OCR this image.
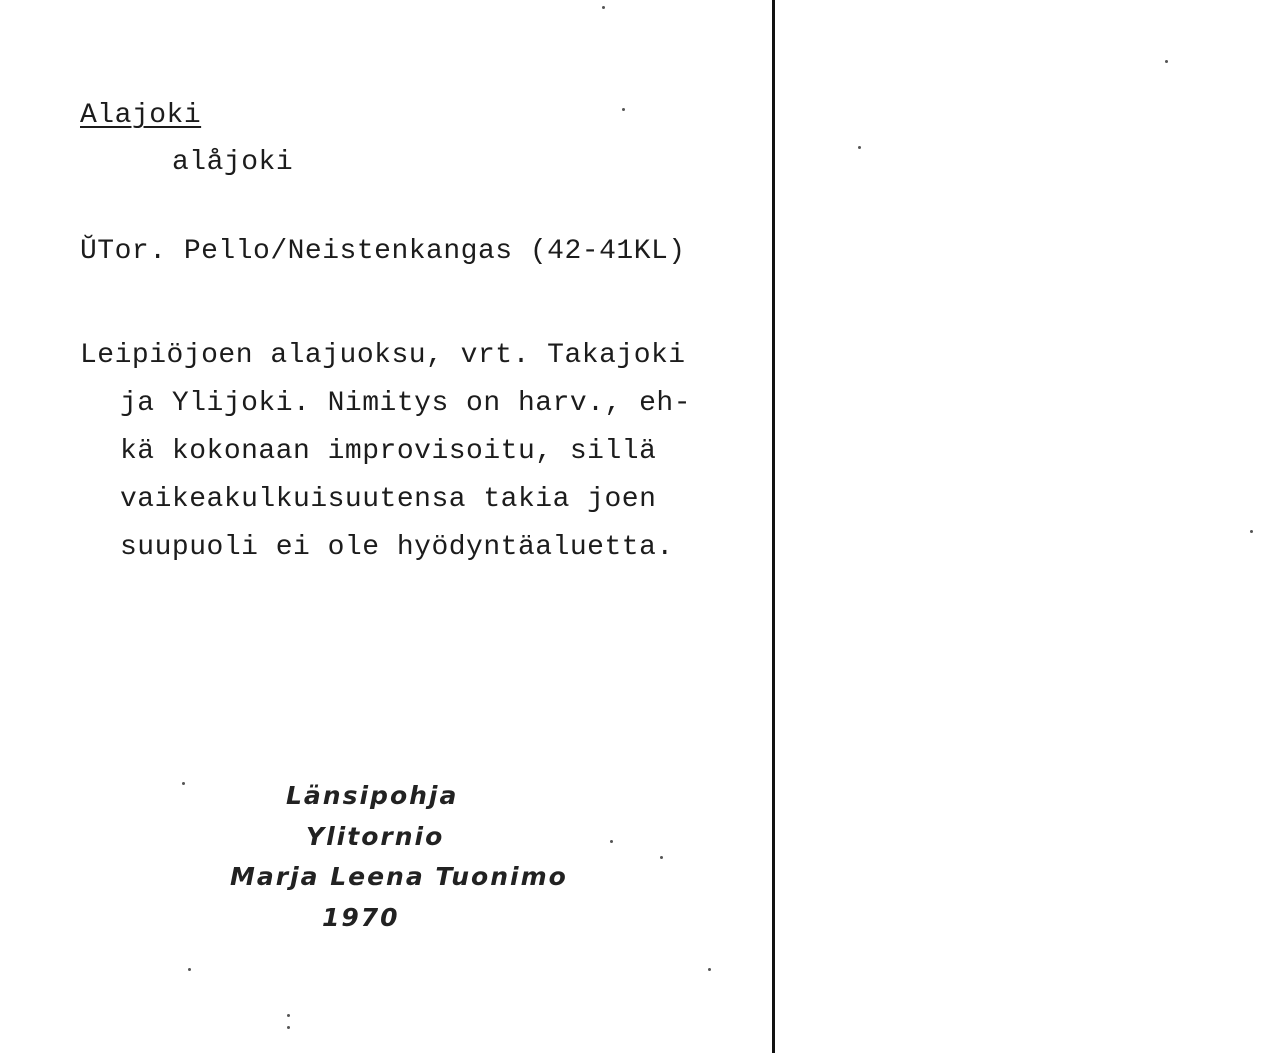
Alajoki
alåjoki
ŬTor. Pello/Neistenkangas (42-41KL)
Leipiöjoen alajuoksu, vrt. Takajoki
ja Ylijoki. Nimitys on harv., eh-
kä kokonaan improvisoitu, sillä
vaikeakulkuisuutensa takia joen
suupuoli ei ole hyödyntäaluetta.
Länsipohja
Ylitornio
Marja Leena Tuonimo
1970
